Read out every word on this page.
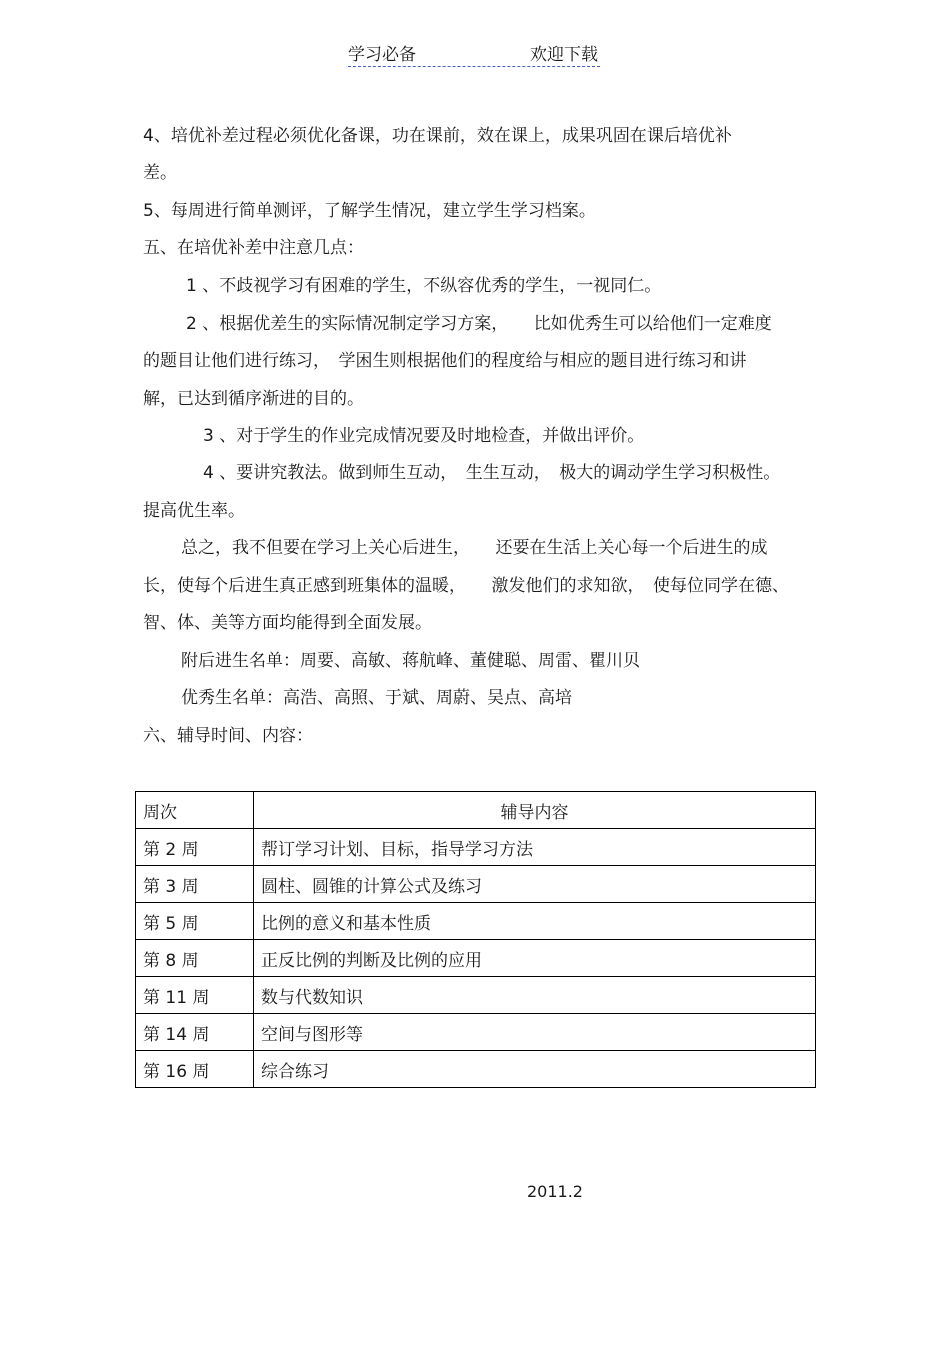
学习必备	欢迎下载
4、培优补差过程必须优化备课，功在课前，效在课上，成果巩固在课后培优补
差。
5、每周进行简单测评，了解学生情况，建立学生学习档案。
五、在培优补差中注意几点：
1 、不歧视学习有困难的学生，不纵容优秀的学生，一视同仁。
2 、根据优差生的实际情况制定学习方案，　　比如优秀生可以给他们一定难度
的题目让他们进行练习，　学困生则根据他们的程度给与相应的题目进行练习和讲
解，已达到循序渐进的目的。
3 、对于学生的作业完成情况要及时地检查，并做出评价。
4 、要讲究教法。做到师生互动，　生生互动，　极大的调动学生学习积极性。
提高优生率。
总之，我不但要在学习上关心后进生，　　还要在生活上关心每一个后进生的成
长，使每个后进生真正感到班集体的温暖，　　激发他们的求知欲，　使每位同学在德、
智、体、美等方面均能得到全面发展。
附后进生名单：周要、高敏、蒋航峰、董健聪、周雷、瞿川贝
优秀生名单：高浩、高照、于斌、周蔚、吴点、高培
六、辅导时间、内容：
周次	辅导内容
第 2 周	帮订学习计划、目标，指导学习方法
第 3 周	圆柱、圆锥的计算公式及练习
第 5 周	比例的意义和基本性质
第 8 周	正反比例的判断及比例的应用
第 11 周	数与代数知识
第 14 周	空间与图形等
第 16 周	综合练习
2011.2
